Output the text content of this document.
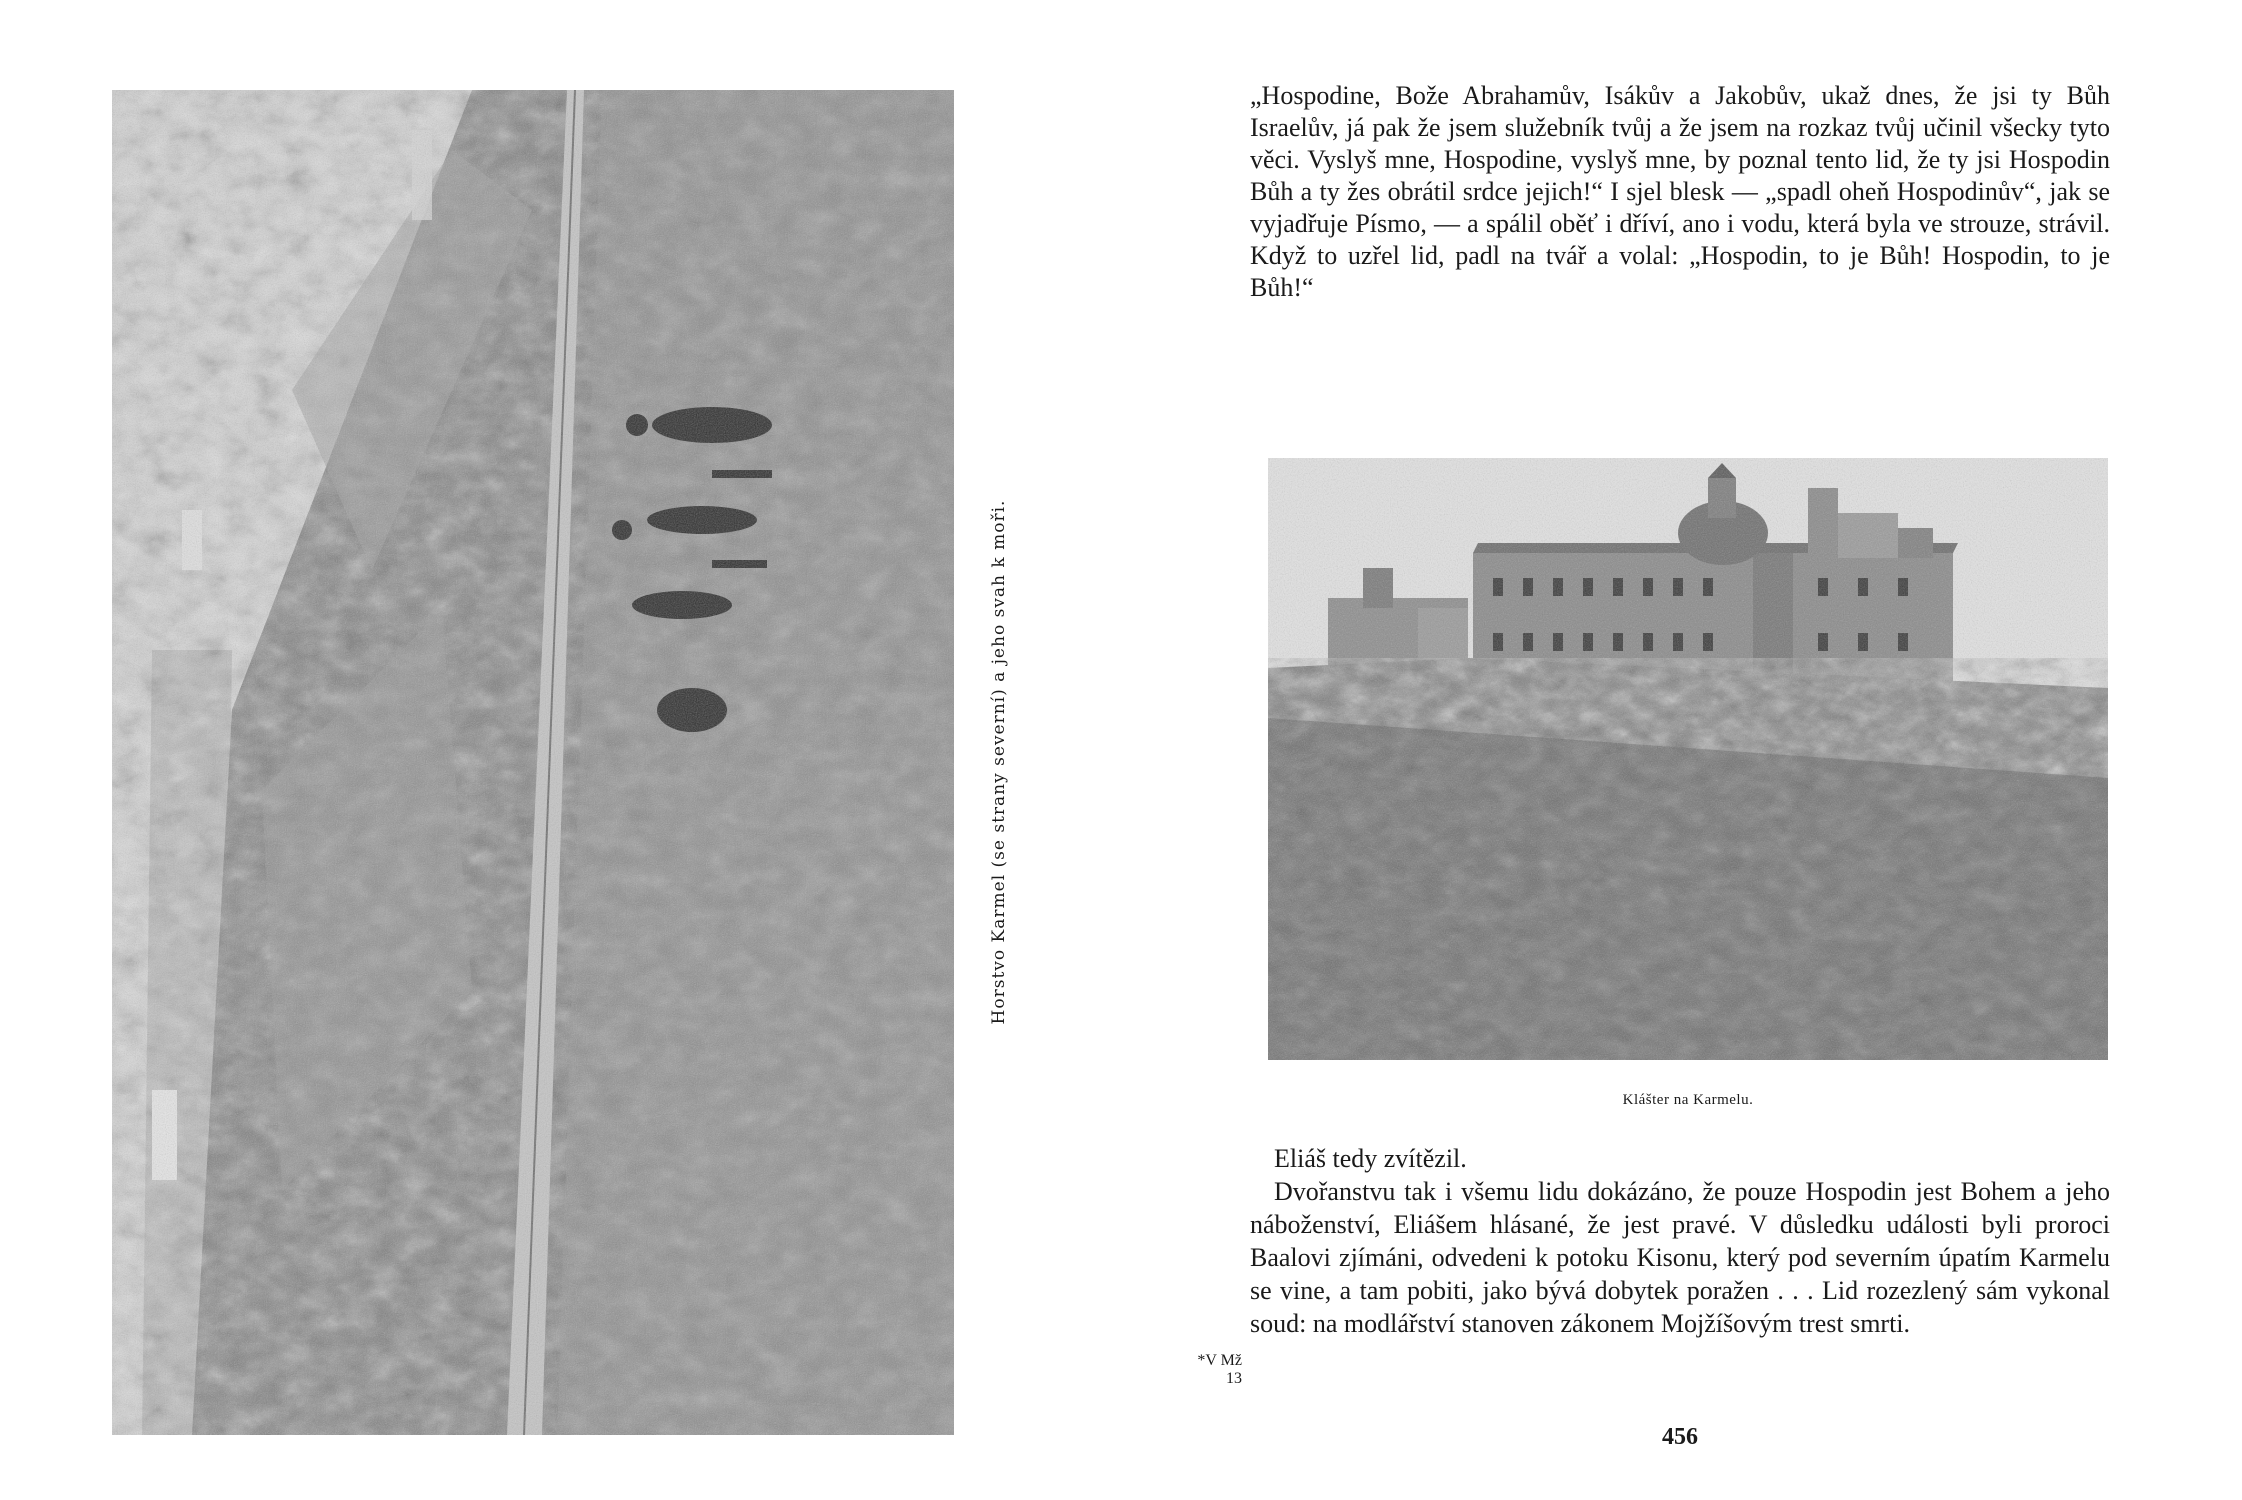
Horstvo Karmel (se strany severní) a jeho svah k moři.

„Hospodine, Bože Abrahamův, Isákův a Jakobův, ukaž dnes, že jsi ty Bůh Israelův, já pak že jsem služebník tvůj a že jsem na rozkaz tvůj učinil všecky tyto věci. Vyslyš mne, Hospodine, vyslyš mne, by poznal tento lid, že ty jsi Hospodin Bůh a ty žes obrátil srdce jejich!“ I sjel blesk — „spadl oheň Hospodinův“, jak se vyjadřuje Písmo, — a spálil oběť i dříví, ano i vodu, která byla ve strouze, strávil. Když to uzřel lid, padl na tvář a volal: „Hospodin, to je Bůh! Hospodin, to je Bůh!“

Klášter na Karmelu.

Eliáš tedy zvítězil.

Dvořanstvu tak i všemu lidu dokázáno, že pouze Hospodin jest Bohem a jeho náboženství, Eliášem hlásané, že jest pravé. V důsledku události byli proroci Baalovi zjímáni, odvedeni k potoku Kisonu, který pod severním úpatím Karmelu se vine, a tam pobiti, jako bývá dobytek poražen . . . Lid rozezlený sám vykonal soud: na modlářství stanoven zákonem Mojžíšovým trest smrti.

*V Mž
13
456
